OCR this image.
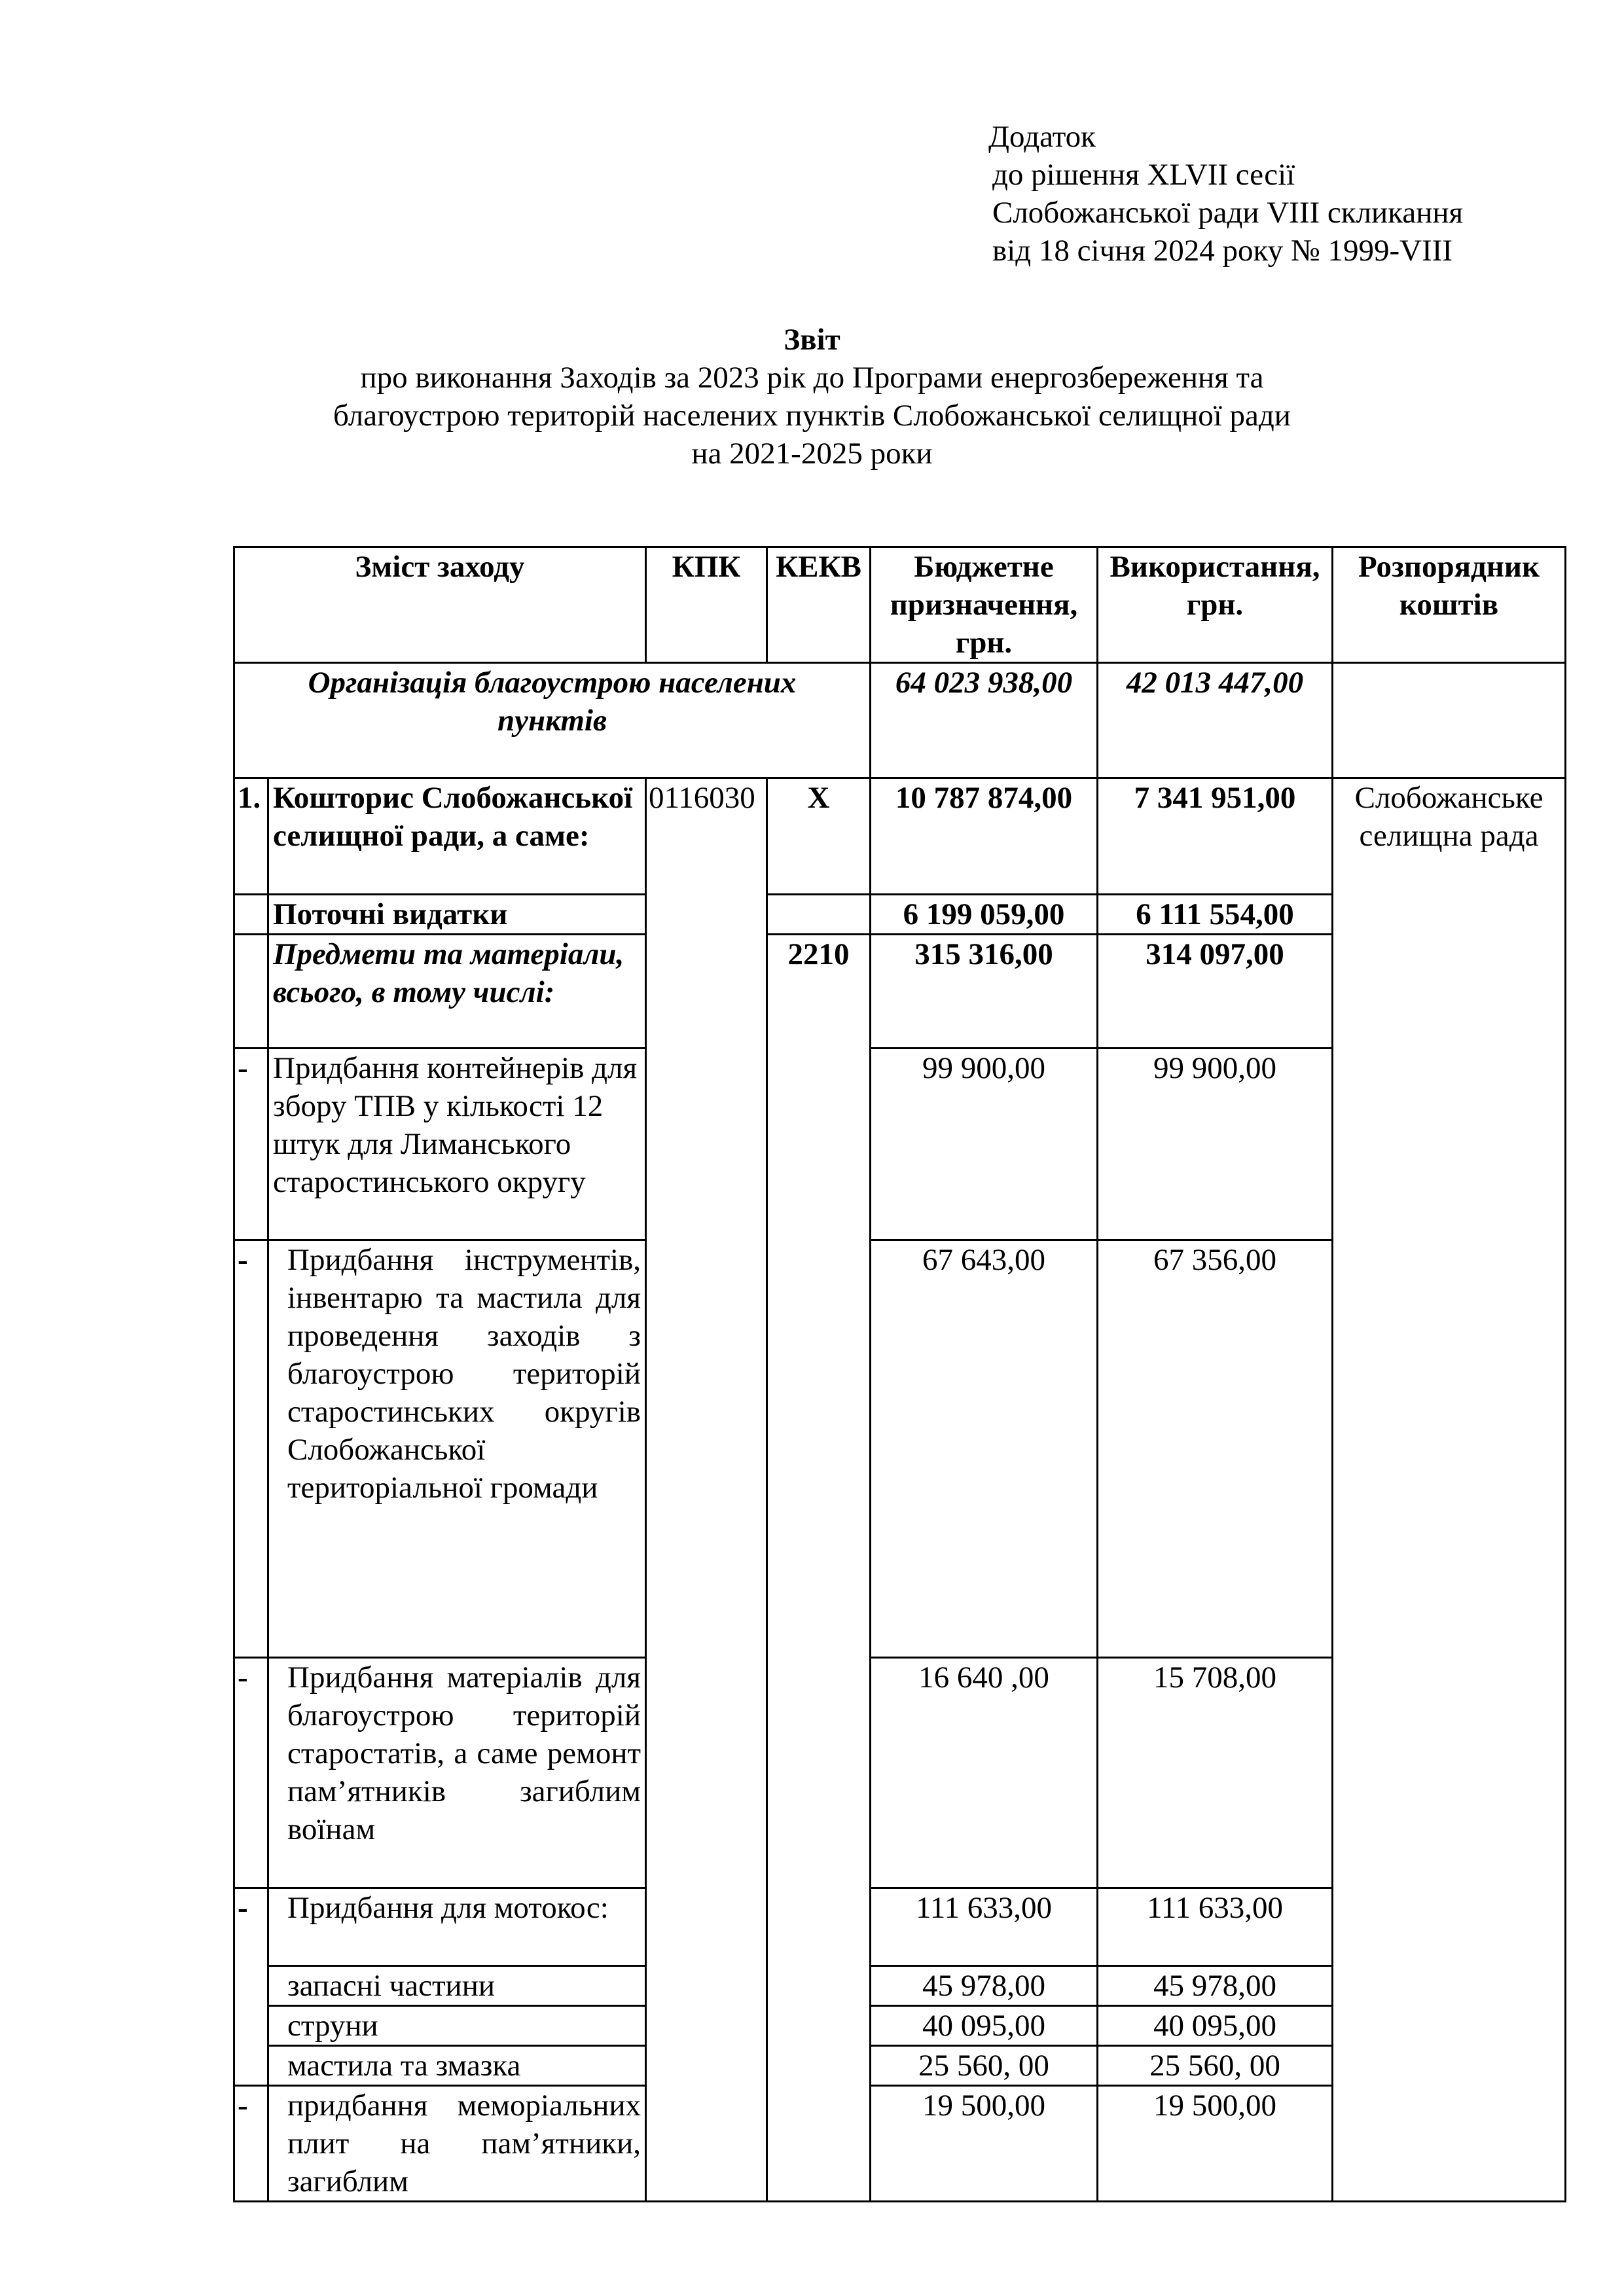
Додаток
до рішення XLVII сесії
Слобожанської ради VIII скликання
від 18 січня 2024 року № 1999-VIII
Звіт
про виконання Заходів за 2023 рік до Програми енергозбереження та
благоустрою територій населених пунктів Слобожанської селищної ради
на 2021-2025 роки
Зміст заходу		КПК	КЕКВ	Бюджетне призначення, грн.	Використання, грн.	Розпорядник коштів
Організація благоустрою населених пунктів				64 023 938,00	42 013 447,00	
1.	Кошторис Слобожанської селищної ради, а саме:	0116030	X	10 787 874,00	7 341 951,00	Слобожанське селищна рада
	Поточні видатки			6 199 059,00	6 111 554,00	
	Предмети та матеріали, всього, в тому числі:		2210	315 316,00	314 097,00	
-	Придбання контейнерів для збору ТПВ у кількості 12 штук для Лиманського старостинського округу			99 900,00	99 900,00	
-	Придбання інструментів, інвентарю та мастила для проведення заходів з благоустрою територій старостинських округів Слобожанської територіальної громади			67 643,00	67 356,00	
-	Придбання матеріалів для благоустрою територій старостатів, а саме ремонт пам’ятників загиблим воїнам			16 640 ,00	15 708,00	
-	Придбання для мотокос:			111 633,00	111 633,00	
	запасні частини			45 978,00	45 978,00	
	струни			40 095,00	40 095,00	
	мастила та змазка			25 560, 00	25 560, 00	
-	придбання меморіальних плит на пам’ятники, загиблим			19 500,00	19 500,00	
